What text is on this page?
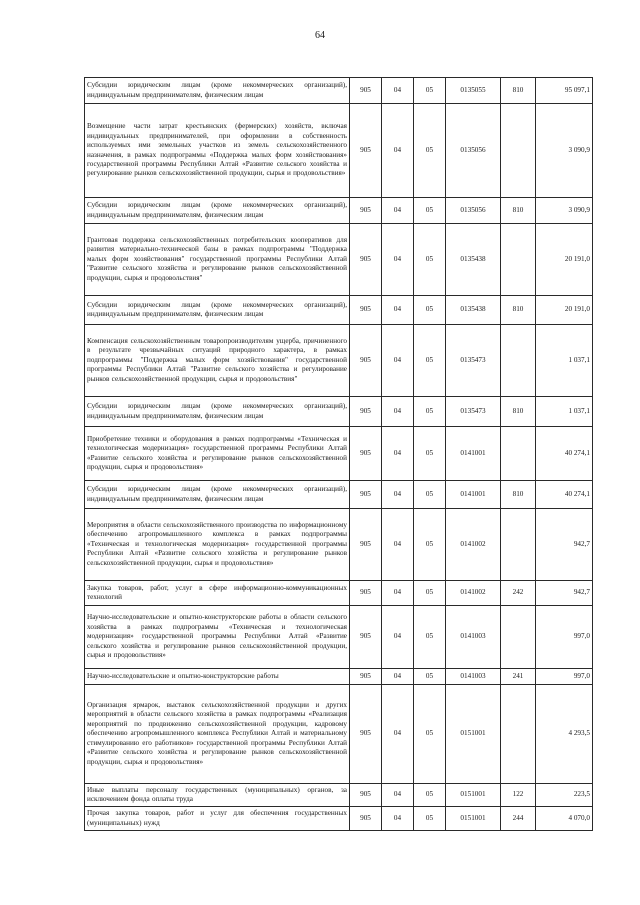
64
Субсидии юридическим лицам (кроме некоммерческих организаций), индивидуальным предпринимателям, физическим лицам	905	04	05	0135055	810	95 097,1
Возмещение части затрат крестьянских (фермерских) хозяйств, включая индивидуальных предпринимателей, при оформлении в собственность используемых ими земельных участков из земель сельскохозяйственного назначения, в рамках подпрограммы «Поддержка малых форм хозяйствования» государственной программы Республики Алтай «Развитие сельского хозяйства и регулирование рынков сельскохозяйственной продукции, сырья и продовольствия»	905	04	05	0135056		3 090,9
Субсидии юридическим лицам (кроме некоммерческих организаций), индивидуальным предпринимателям, физическим лицам	905	04	05	0135056	810	3 090,9
Грантовая поддержка сельскохозяйственных потребительских кооперативов для развития материально-технической базы в рамках подпрограммы "Поддержка малых форм хозяйствования" государственной программы Республики Алтай "Развитие сельского хозяйства и регулирование рынков сельскохозяйственной продукции, сырья и продовольствия"	905	04	05	0135438		20 191,0
Субсидии юридическим лицам (кроме некоммерческих организаций), индивидуальным предпринимателям, физическим лицам	905	04	05	0135438	810	20 191,0
Компенсация сельскохозяйственным товаропроизводителям ущерба, причиненного в результате чрезвычайных ситуаций природного характера, в рамках подпрограммы "Поддержка малых форм хозяйствования" государственной программы Республики Алтай "Развитие сельского хозяйства и регулирование рынков сельскохозяйственной продукции, сырья и продовольствия"	905	04	05	0135473		1 037,1
Субсидии юридическим лицам (кроме некоммерческих организаций), индивидуальным предпринимателям, физическим лицам	905	04	05	0135473	810	1 037,1
Приобретение техники и оборудования в рамках подпрограммы «Техническая и технологическая модернизация» государственной программы Республики Алтай «Развитие сельского хозяйства и регулирование рынков сельскохозяйственной продукции, сырья и продовольствия»	905	04	05	0141001		40 274,1
Субсидии юридическим лицам (кроме некоммерческих организаций), индивидуальным предпринимателям, физическим лицам	905	04	05	0141001	810	40 274,1
Мероприятия в области сельскохозяйственного производства по информационному обеспечению агропромышленного комплекса в рамках подпрограммы «Техническая и технологическая модернизация» государственной программы Республики Алтай «Развитие сельского хозяйства и регулирование рынков сельскохозяйственной продукции, сырья и продовольствия»	905	04	05	0141002		942,7
Закупка товаров, работ, услуг в сфере информационно-коммуникационных технологий	905	04	05	0141002	242	942,7
Научно-исследовательские и опытно-конструкторские работы в области сельского хозяйства в рамках подпрограммы «Техническая и технологическая модернизация» государственной программы Республики Алтай «Развитие сельского хозяйства и регулирование рынков сельскохозяйственной продукции, сырья и продовольствия»	905	04	05	0141003		997,0
Научно-исследовательские и опытно-конструкторские работы	905	04	05	0141003	241	997,0
Организация ярмарок, выставок сельскохозяйственной продукции и других мероприятий в области сельского хозяйства в рамках подпрограммы «Реализация мероприятий по продвижению сельскохозяйственной продукции, кадровому обеспечению агропромышленного комплекса Республики Алтай и материальному стимулированию его работников» государственной программы Республики Алтай «Развитие сельского хозяйства и регулирование рынков сельскохозяйственной продукции, сырья и продовольствия»	905	04	05	0151001		4 293,5
Иные выплаты персоналу государственных (муниципальных) органов, за исключением фонда оплаты труда	905	04	05	0151001	122	223,5
Прочая закупка товаров, работ и услуг для обеспечения государственных (муниципальных) нужд	905	04	05	0151001	244	4 070,0
